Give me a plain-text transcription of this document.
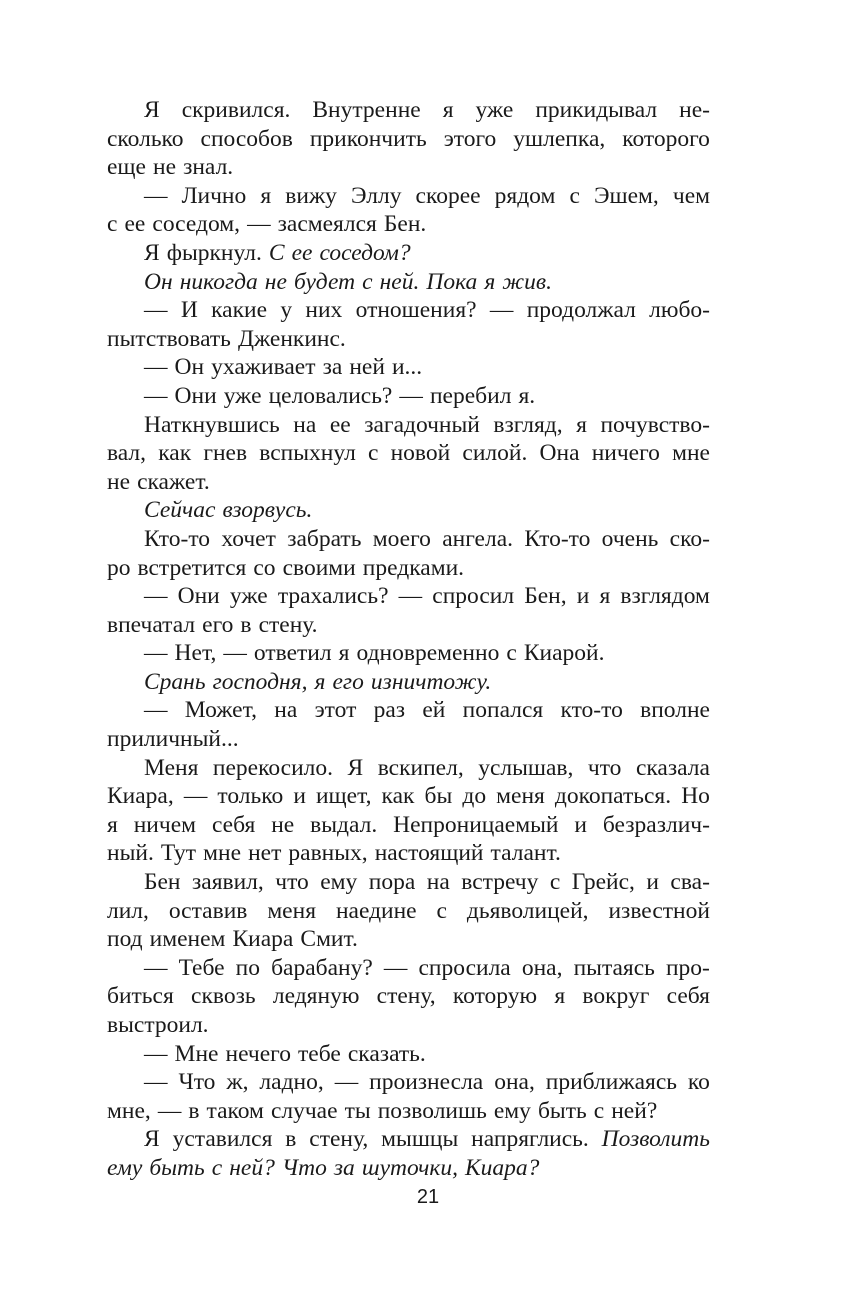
Я скривился. Внутренне я уже прикидывал не-
сколько способов прикончить этого ушлепка, которого
еще не знал.
— Лично я вижу Эллу скорее рядом с Эшем, чем
с ее соседом, — засмеялся Бен.
Я фыркнул. С ее соседом?
Он никогда не будет с ней. Пока я жив.
— И какие у них отношения? — продолжал любо-
пытствовать Дженкинс.
— Он ухаживает за ней и...
— Они уже целовались? — перебил я.
Наткнувшись на ее загадочный взгляд, я почувство-
вал, как гнев вспыхнул с новой силой. Она ничего мне
не скажет.
Сейчас взорвусь.
Кто-то хочет забрать моего ангела. Кто-то очень ско-
ро встретится со своими предками.
— Они уже трахались? — спросил Бен, и я взглядом
впечатал его в стену.
— Нет, — ответил я одновременно с Киарой.
Срань господня, я его изничтожу.
— Может, на этот раз ей попался кто-то вполне
приличный...
Меня перекосило. Я вскипел, услышав, что сказала
Киара, — только и ищет, как бы до меня докопаться. Но
я ничем себя не выдал. Непроницаемый и безразлич-
ный. Тут мне нет равных, настоящий талант.
Бен заявил, что ему пора на встречу с Грейс, и сва-
лил, оставив меня наедине с дьяволицей, известной
под именем Киара Смит.
— Тебе по барабану? — спросила она, пытаясь про-
биться сквозь ледяную стену, которую я вокруг себя
выстроил.
— Мне нечего тебе сказать.
— Что ж, ладно, — произнесла она, приближаясь ко
мне, — в таком случае ты позволишь ему быть с ней?
Я уставился в стену, мышцы напряглись. Позволить
ему быть с ней? Что за шуточки, Киара?
21
